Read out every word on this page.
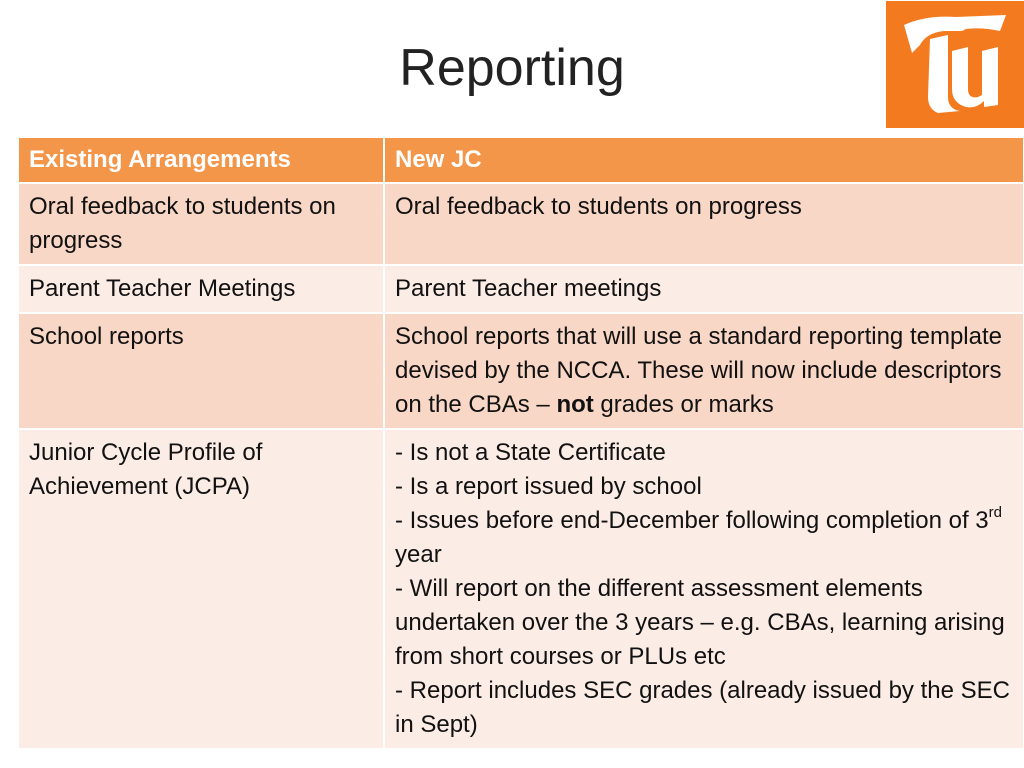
Reporting
Existing Arrangements	New JC
Oral feedback to students on progress	Oral feedback to students on progress
Parent Teacher Meetings	Parent Teacher meetings
School reports	School reports that will use a standard reporting template devised by the NCCA. These will now include descriptors on the CBAs – not grades or marks
Junior Cycle Profile of Achievement (JCPA)	- Is not a State Certificate
- Is a report issued by school
- Issues before end-December following completion of 3rd year
- Will report on the different assessment elements undertaken over the 3 years – e.g. CBAs, learning arising from short courses or PLUs etc
- Report includes SEC grades (already issued by the SEC in Sept)
